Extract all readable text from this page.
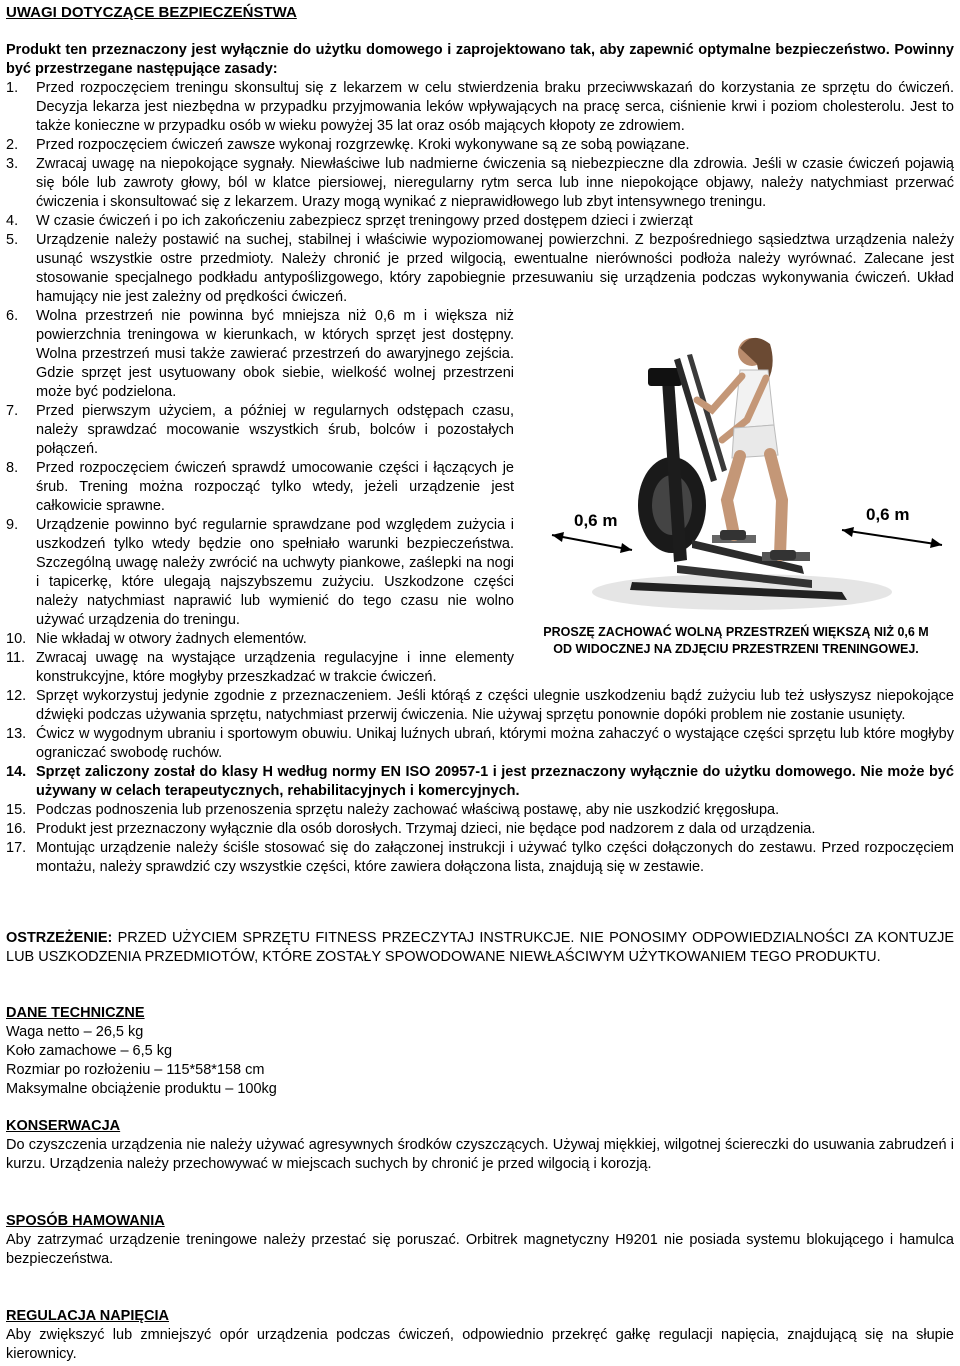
UWAGI DOTYCZĄCE BEZPIECZEŃSTWA
Produkt ten przeznaczony jest wyłącznie do użytku domowego i zaprojektowano tak, aby zapewnić optymalne bezpieczeństwo. Powinny być przestrzegane następujące zasady:
1. Przed rozpoczęciem treningu skonsultuj się z lekarzem w celu stwierdzenia braku przeciwwskazań do korzystania ze sprzętu do ćwiczeń. Decyzja lekarza jest niezbędna w przypadku przyjmowania leków wpływających na pracę serca, ciśnienie krwi i poziom cholesterolu. Jest to także konieczne w przypadku osób w wieku powyżej 35 lat oraz osób mających kłopoty ze zdrowiem.
2. Przed rozpoczęciem ćwiczeń zawsze wykonaj rozgrzewkę. Kroki wykonywane są ze sobą powiązane.
3. Zwracaj uwagę na niepokojące sygnały. Niewłaściwe lub nadmierne ćwiczenia są niebezpieczne dla zdrowia. Jeśli w czasie ćwiczeń pojawią się bóle lub zawroty głowy, ból w klatce piersiowej, nieregularny rytm serca lub inne niepokojące objawy, należy natychmiast przerwać ćwiczenia i skonsultować się z lekarzem. Urazy mogą wynikać z nieprawidłowego lub zbyt intensywnego treningu.
4. W czasie ćwiczeń i po ich zakończeniu zabezpiecz sprzęt treningowy przed dostępem dzieci i zwierząt
5. Urządzenie należy postawić na suchej, stabilnej i właściwie wypoziomowanej powierzchni. Z bezpośredniego sąsiedztwa urządzenia należy usunąć wszystkie ostre przedmioty. Należy chronić je przed wilgocią, ewentualne nierówności podłoża należy wyrównać. Zalecane jest stosowanie specjalnego podkładu antypoślizgowego, który zapobiegnie przesuwaniu się urządzenia podczas wykonywania ćwiczeń. Układ hamujący nie jest zależny od prędkości ćwiczeń.
6. Wolna przestrzeń nie powinna być mniejsza niż 0,6 m i większa niż powierzchnia treningowa w kierunkach, w których sprzęt jest dostępny. Wolna przestrzeń musi także zawierać przestrzeń do awaryjnego zejścia. Gdzie sprzęt jest usytuowany obok siebie, wielkość wolnej przestrzeni może być podzielona.
7. Przed pierwszym użyciem, a później w regularnych odstępach czasu, należy sprawdzać mocowanie wszystkich śrub, bolców i pozostałych połączeń.
8. Przed rozpoczęciem ćwiczeń sprawdź umocowanie części i łączących je śrub. Trening można rozpocząć tylko wtedy, jeżeli urządzenie jest całkowicie sprawne.
9. Urządzenie powinno być regularnie sprawdzane pod względem zużycia i uszkodzeń tylko wtedy będzie ono spełniało warunki bezpieczeństwa. Szczególną uwagę należy zwrócić na uchwyty piankowe, zaślepki na nogi i tapicerkę, które ulegają najszybszemu zużyciu. Uszkodzone części należy natychmiast naprawić lub wymienić do tego czasu nie wolno używać urządzenia do treningu.
10. Nie wkładaj w otwory żadnych elementów.
11. Zwracaj uwagę na wystające urządzenia regulacyjne i inne elementy konstrukcyjne, które mogłyby przeszkadzać w trakcie ćwiczeń.
12. Sprzęt wykorzystuj jedynie zgodnie z przeznaczeniem. Jeśli którąś z części ulegnie uszkodzeniu bądź zużyciu lub też usłyszysz niepokojące dźwięki podczas używania sprzętu, natychmiast przerwij ćwiczenia. Nie używaj sprzętu ponownie dopóki problem nie zostanie usunięty.
13. Ćwicz w wygodnym ubraniu i sportowym obuwiu. Unikaj luźnych ubrań, którymi można zahaczyć o wystające części sprzętu lub które mogłyby ograniczać swobodę ruchów.
14. Sprzęt zaliczony został do klasy H według normy EN ISO 20957-1 i jest przeznaczony wyłącznie do użytku domowego. Nie może być używany w celach terapeutycznych, rehabilitacyjnych i komercyjnych.
15. Podczas podnoszenia lub przenoszenia sprzętu należy zachować właściwą postawę, aby nie uszkodzić kręgosłupa.
16. Produkt jest przeznaczony wyłącznie dla osób dorosłych. Trzymaj dzieci, nie będące pod nadzorem z dala od urządzenia.
17. Montując urządzenie należy ściśle stosować się do załączonej instrukcji i używać tylko części dołączonych do zestawu. Przed rozpoczęciem montażu, należy sprawdzić czy wszystkie części, które zawiera dołączona lista, znajdują się w zestawie.
0,6 m	0,6 m
PROSZĘ ZACHOWAĆ WOLNĄ PRZESTRZEŃ WIĘKSZĄ NIŻ 0,6 M
OD WIDOCZNEJ NA ZDJĘCIU PRZESTRZENI TRENINGOWEJ.
OSTRZEŻENIE: PRZED UŻYCIEM SPRZĘTU FITNESS PRZECZYTAJ INSTRUKCJE. NIE PONOSIMY ODPOWIEDZIALNOŚCI ZA KONTUZJE LUB USZKODZENIA PRZEDMIOTÓW, KTÓRE ZOSTAŁY SPOWODOWANE NIEWŁAŚCIWYM UŻYTKOWANIEM TEGO PRODUKTU.
DANE TECHNICZNE
Waga netto – 26,5 kg
Koło zamachowe – 6,5 kg
Rozmiar po rozłożeniu – 115*58*158 cm
Maksymalne obciążenie produktu – 100kg
KONSERWACJA
Do czyszczenia urządzenia nie należy używać agresywnych środków czyszczących. Używaj miękkiej, wilgotnej ściereczki do usuwania zabrudzeń i kurzu. Urządzenia należy przechowywać w miejscach suchych by chronić je przed wilgocią i korozją.
SPOSÓB HAMOWANIA
Aby zatrzymać urządzenie treningowe należy przestać się poruszać. Orbitrek magnetyczny H9201 nie posiada systemu blokującego i hamulca bezpieczeństwa.
REGULACJA NAPIĘCIA
Aby zwiększyć lub zmniejszyć opór urządzenia podczas ćwiczeń, odpowiednio przekręć gałkę regulacji napięcia, znajdującą się na słupie kierownicy.
